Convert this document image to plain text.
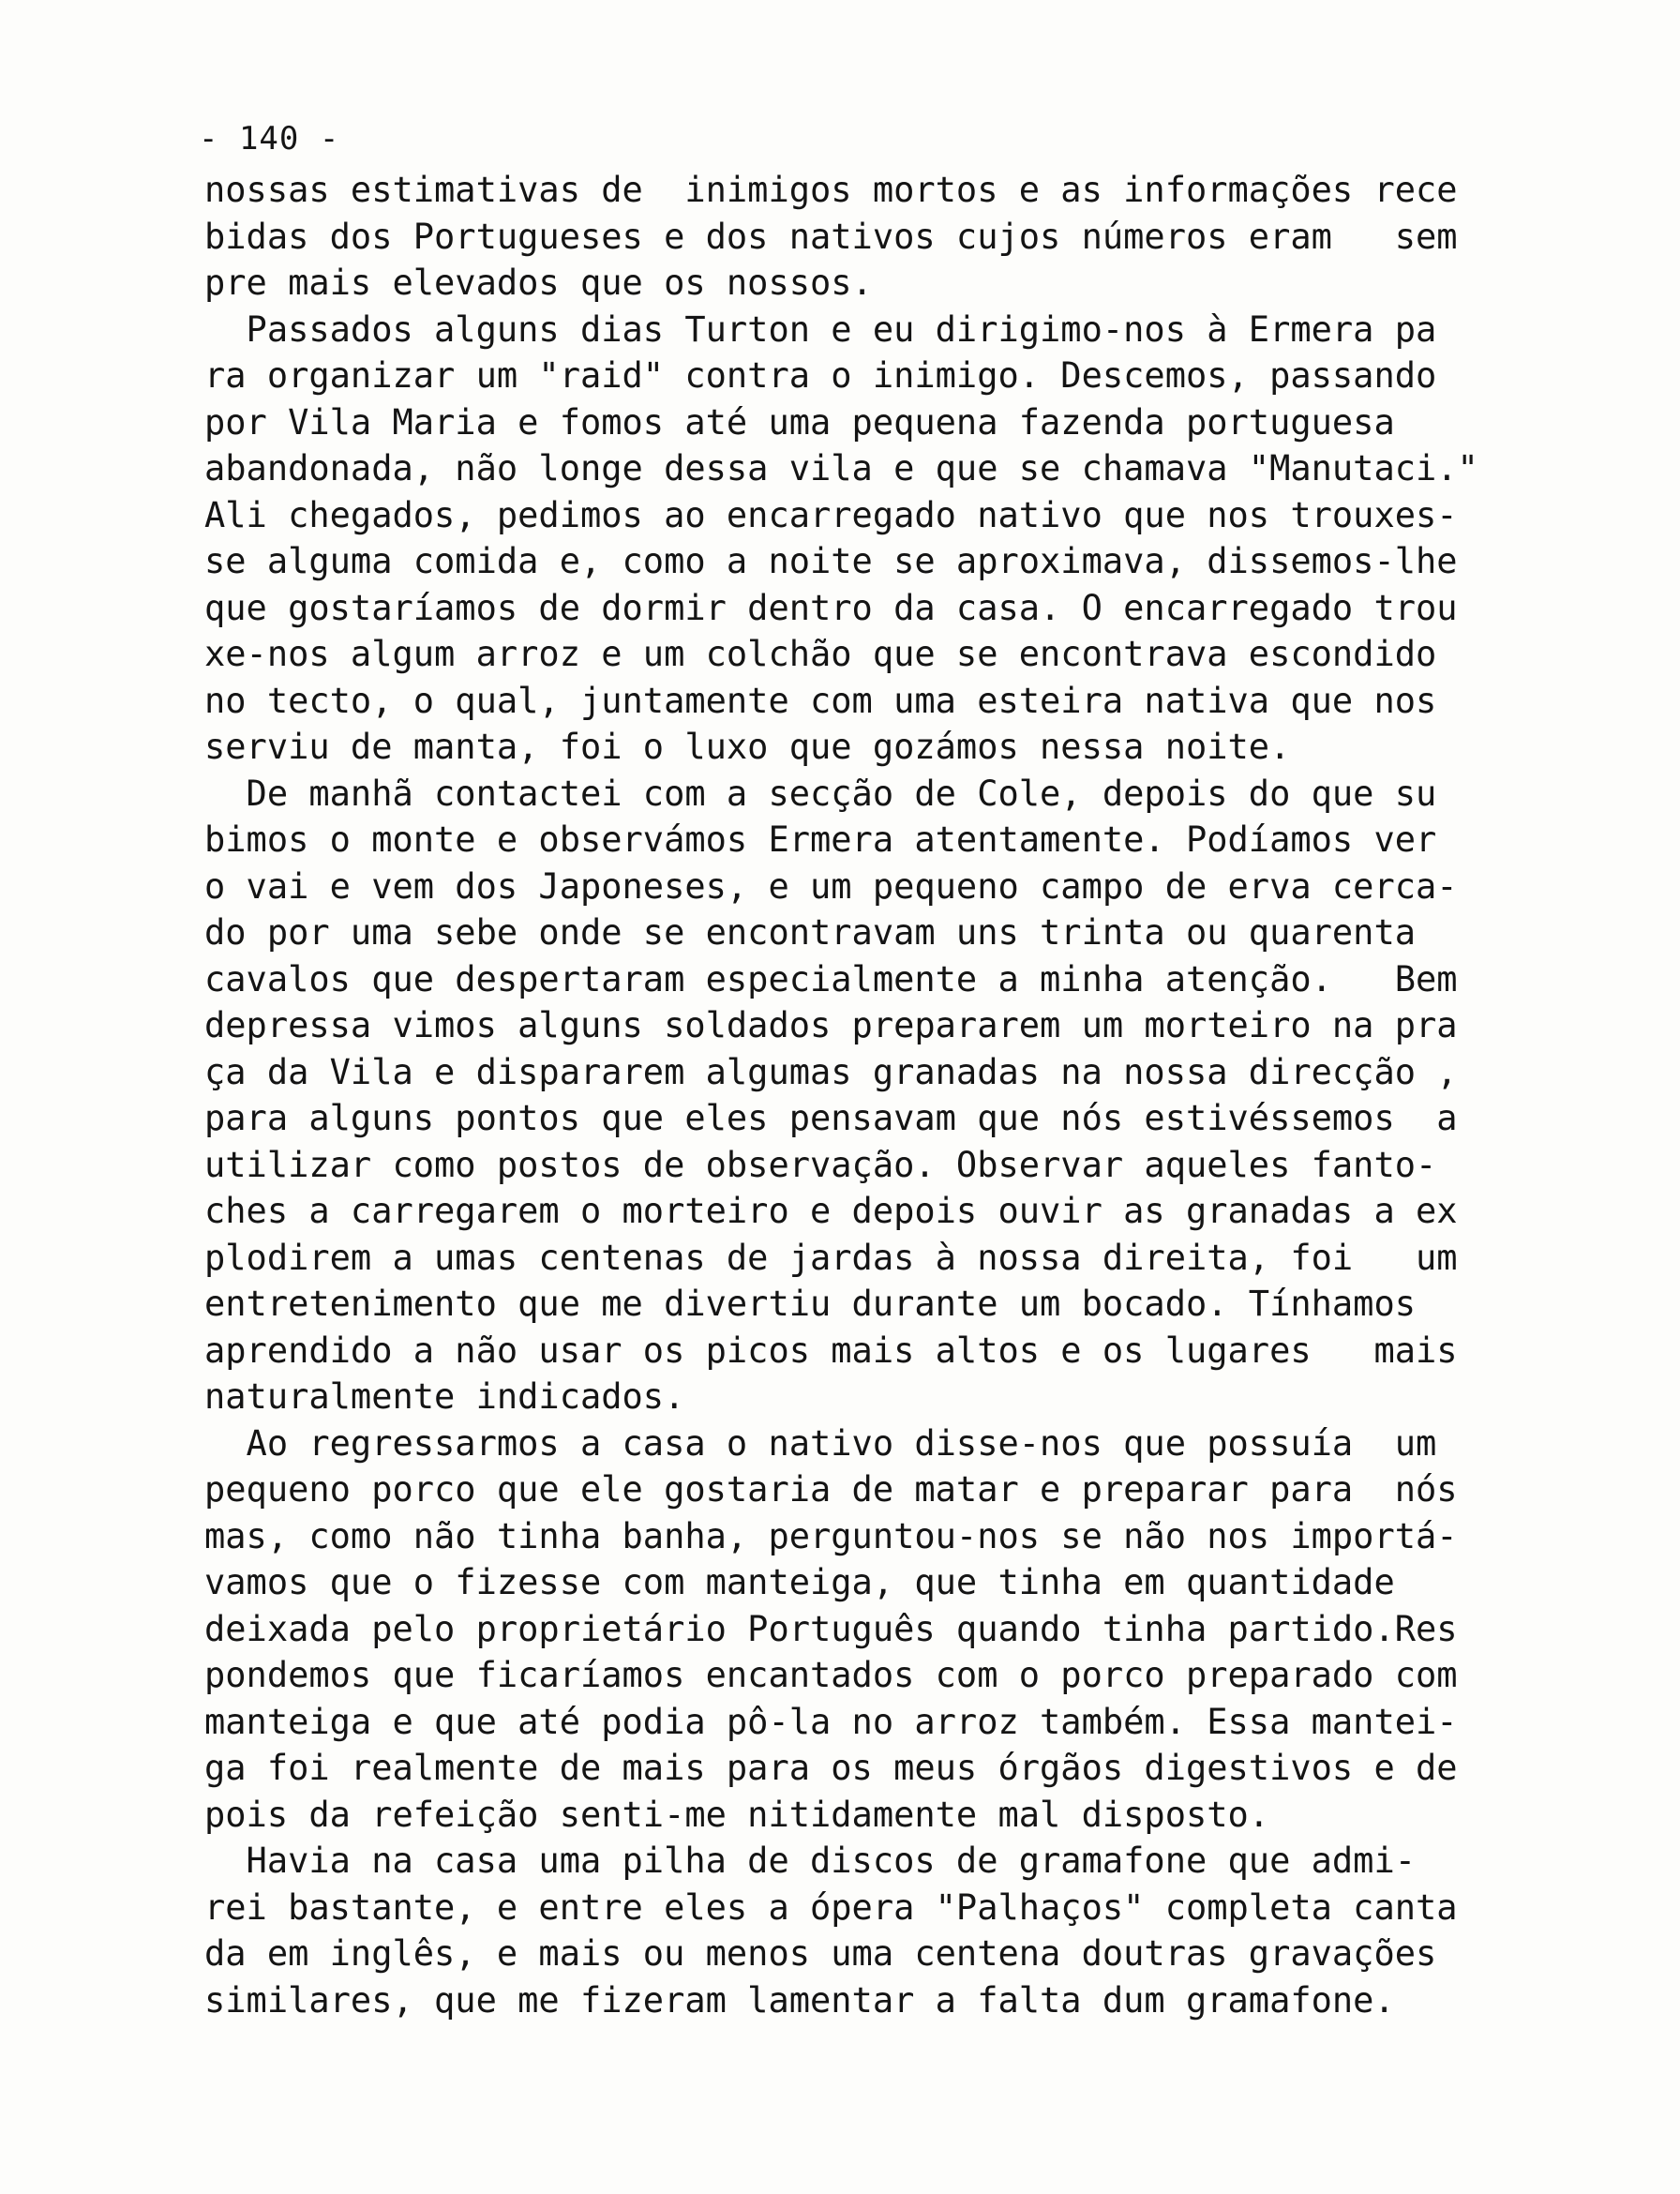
- 140 -
nossas estimativas de  inimigos mortos e as informações rece
bidas dos Portugueses e dos nativos cujos números eram   sem
pre mais elevados que os nossos.
Passados alguns dias Turton e eu dirigimo-nos à Ermera pa
ra organizar um "raid" contra o inimigo. Descemos, passando
por Vila Maria e fomos até uma pequena fazenda portuguesa
abandonada, não longe dessa vila e que se chamava "Manutaci."
Ali chegados, pedimos ao encarregado nativo que nos trouxes-
se alguma comida e, como a noite se aproximava, dissemos-lhe
que gostaríamos de dormir dentro da casa. O encarregado trou
xe-nos algum arroz e um colchão que se encontrava escondido
no tecto, o qual, juntamente com uma esteira nativa que nos
serviu de manta, foi o luxo que gozámos nessa noite.
De manhã contactei com a secção de Cole, depois do que su
bimos o monte e observámos Ermera atentamente. Podíamos ver
o vai e vem dos Japoneses, e um pequeno campo de erva cerca-
do por uma sebe onde se encontravam uns trinta ou quarenta
cavalos que despertaram especialmente a minha atenção.   Bem
depressa vimos alguns soldados prepararem um morteiro na pra
ça da Vila e dispararem algumas granadas na nossa direcção ,
para alguns pontos que eles pensavam que nós estivéssemos  a
utilizar como postos de observação. Observar aqueles fanto-
ches a carregarem o morteiro e depois ouvir as granadas a ex
plodirem a umas centenas de jardas à nossa direita, foi   um
entretenimento que me divertiu durante um bocado. Tínhamos
aprendido a não usar os picos mais altos e os lugares   mais
naturalmente indicados.
Ao regressarmos a casa o nativo disse-nos que possuía  um
pequeno porco que ele gostaria de matar e preparar para  nós
mas, como não tinha banha, perguntou-nos se não nos importá-
vamos que o fizesse com manteiga, que tinha em quantidade
deixada pelo proprietário Português quando tinha partido.Res
pondemos que ficaríamos encantados com o porco preparado com
manteiga e que até podia pô-la no arroz também. Essa mantei-
ga foi realmente de mais para os meus órgãos digestivos e de
pois da refeição senti-me nitidamente mal disposto.
Havia na casa uma pilha de discos de gramafone que admi-
rei bastante, e entre eles a ópera "Palhaços" completa canta
da em inglês, e mais ou menos uma centena doutras gravações
similares, que me fizeram lamentar a falta dum gramafone.
